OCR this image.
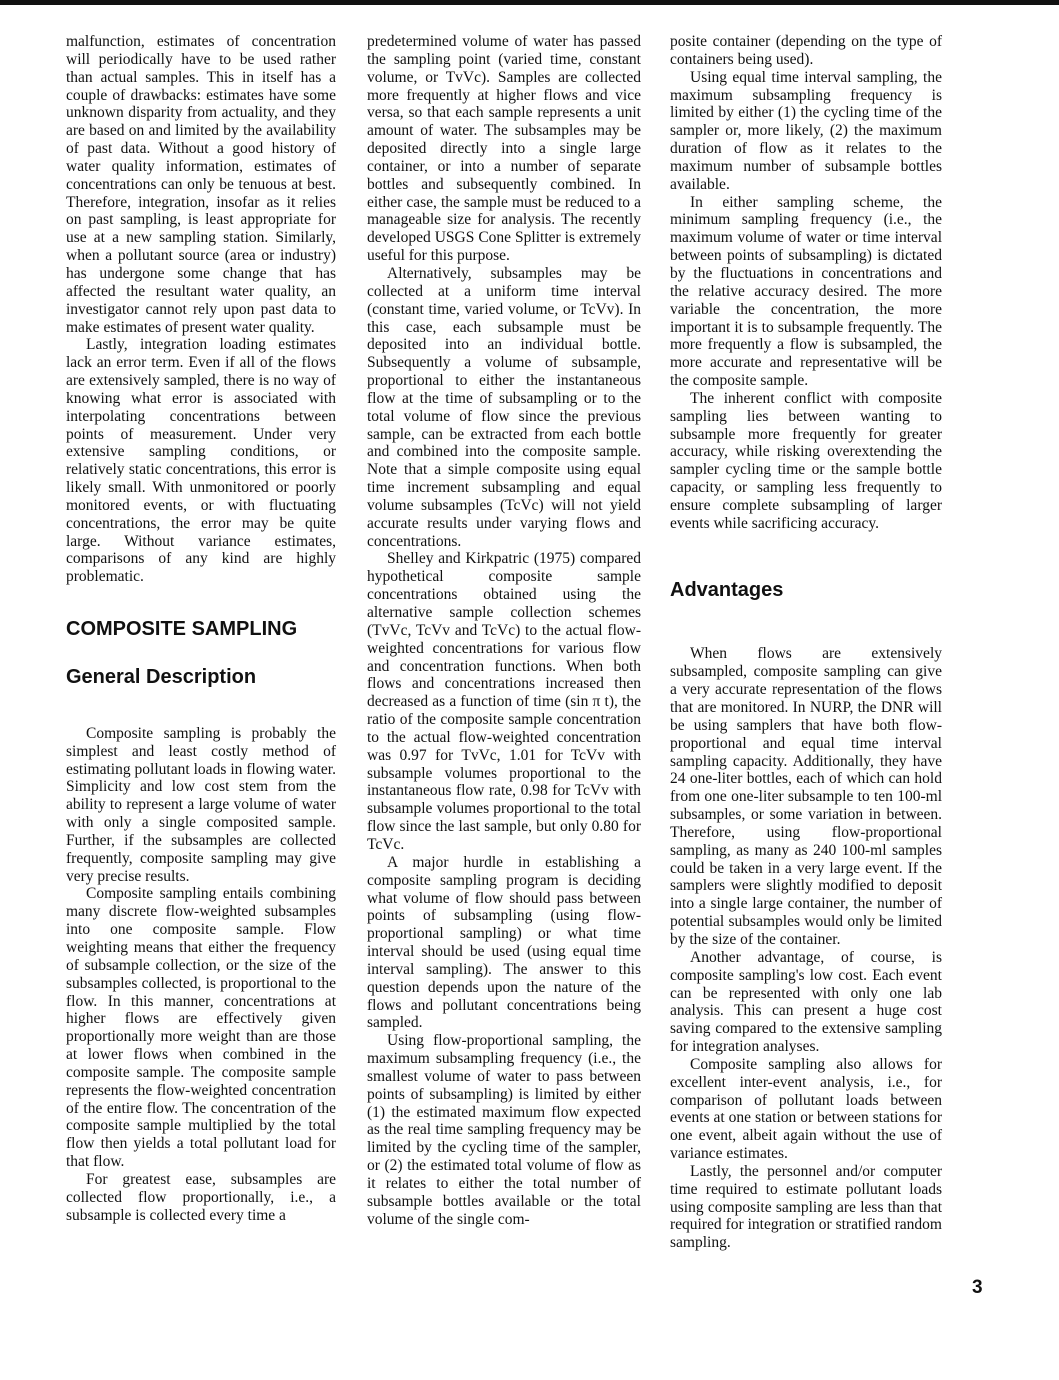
malfunction, estimates of concentration will periodically have to be used rather than actual samples. This in itself has a couple of drawbacks: estimates have some unknown disparity from actuality, and they are based on and limited by the availability of past data. Without a good history of water quality information, estimates of concentrations can only be tenuous at best. Therefore, integration, insofar as it relies on past sampling, is least appropriate for use at a new sampling station. Similarly, when a pollutant source (area or industry) has undergone some change that has affected the resultant water quality, an investigator cannot rely upon past data to make estimates of present water quality.

Lastly, integration loading estimates lack an error term. Even if all of the flows are extensively sampled, there is no way of knowing what error is associated with interpolating concentrations between points of measurement. Under very extensive sampling conditions, or relatively static concentrations, this error is likely small. With unmonitored or poorly monitored events, or with fluctuating concentrations, the error may be quite large. Without variance estimates, comparisons of any kind are highly problematic.

COMPOSITE SAMPLING
General Description

Composite sampling is probably the simplest and least costly method of estimating pollutant loads in flowing water. Simplicity and low cost stem from the ability to represent a large volume of water with only a single composited sample. Further, if the subsamples are collected frequently, composite sampling may give very precise results.

Composite sampling entails combining many discrete flow-weighted subsamples into one composite sample. Flow weighting means that either the frequency of subsample collection, or the size of the subsamples collected, is proportional to the flow. In this manner, concentrations at higher flows are effectively given proportionally more weight than are those at lower flows when combined in the composite sample. The composite sample represents the flow-weighted concentration of the entire flow. The concentration of the composite sample multiplied by the total flow then yields a total pollutant load for that flow.

For greatest ease, subsamples are collected flow proportionally, i.e., a subsample is collected every time a

predetermined volume of water has passed the sampling point (varied time, constant volume, or TvVc). Samples are collected more frequently at higher flows and vice versa, so that each sample represents a unit amount of water. The subsamples may be deposited directly into a single large container, or into a number of separate bottles and subsequently combined. In either case, the sample must be reduced to a manageable size for analysis. The recently developed USGS Cone Splitter is extremely useful for this purpose.

Alternatively, subsamples may be collected at a uniform time interval (constant time, varied volume, or TcVv). In this case, each subsample must be deposited into an individual bottle. Subsequently a volume of subsample, proportional to either the instantaneous flow at the time of subsampling or to the total volume of flow since the previous sample, can be extracted from each bottle and combined into the composite sample. Note that a simple composite using equal time increment subsampling and equal volume subsamples (TcVc) will not yield accurate results under varying flows and concentrations.

Shelley and Kirkpatric (1975) compared hypothetical composite sample concentrations obtained using the alternative sample collection schemes (TvVc, TcVv and TcVc) to the actual flow-weighted concentrations for various flow and concentration functions. When both flows and concentrations increased then decreased as a function of time (sin π t), the ratio of the composite sample concentration to the actual flow-weighted concentration was 0.97 for TvVc, 1.01 for TcVv with subsample volumes proportional to the instantaneous flow rate, 0.98 for TcVv with subsample volumes proportional to the total flow since the last sample, but only 0.80 for TcVc.

A major hurdle in establishing a composite sampling program is deciding what volume of flow should pass between points of subsampling (using flow-proportional sampling) or what time interval should be used (using equal time interval sampling). The answer to this question depends upon the nature of the flows and pollutant concentrations being sampled.

Using flow-proportional sampling, the maximum subsampling frequency (i.e., the smallest volume of water to pass between points of subsampling) is limited by either (1) the estimated maximum flow expected as the real time sampling frequency may be limited by the cycling time of the sampler, or (2) the estimated total volume of flow as it relates to either the total number of subsample bottles available or the total volume of the single com-

posite container (depending on the type of containers being used).

Using equal time interval sampling, the maximum subsampling frequency is limited by either (1) the cycling time of the sampler or, more likely, (2) the maximum duration of flow as it relates to the maximum number of subsample bottles available.

In either sampling scheme, the minimum sampling frequency (i.e., the maximum volume of water or time interval between points of subsampling) is dictated by the fluctuations in concentrations and the relative accuracy desired. The more variable the concentration, the more important it is to subsample frequently. The more frequently a flow is subsampled, the more accurate and representative will be the composite sample.

The inherent conflict with composite sampling lies between wanting to subsample more frequently for greater accuracy, while risking overextending the sampler cycling time or the sample bottle capacity, or sampling less frequently to ensure complete subsampling of larger events while sacrificing accuracy.

Advantages

When flows are extensively subsampled, composite sampling can give a very accurate representation of the flows that are monitored. In NURP, the DNR will be using samplers that have both flow-proportional and equal time interval sampling capacity. Additionally, they have 24 one-liter bottles, each of which can hold from one one-liter subsample to ten 100-ml subsamples, or some variation in between. Therefore, using flow-proportional sampling, as many as 240 100-ml samples could be taken in a very large event. If the samplers were slightly modified to deposit into a single large container, the number of potential subsamples would only be limited by the size of the container.

Another advantage, of course, is composite sampling's low cost. Each event can be represented with only one lab analysis. This can present a huge cost saving compared to the extensive sampling for integration analyses.

Composite sampling also allows for excellent inter-event analysis, i.e., for comparison of pollutant loads between events at one station or between stations for one event, albeit again without the use of variance estimates.

Lastly, the personnel and/or computer time required to estimate pollutant loads using composite sampling are less than that required for integration or stratified random sampling.

3
